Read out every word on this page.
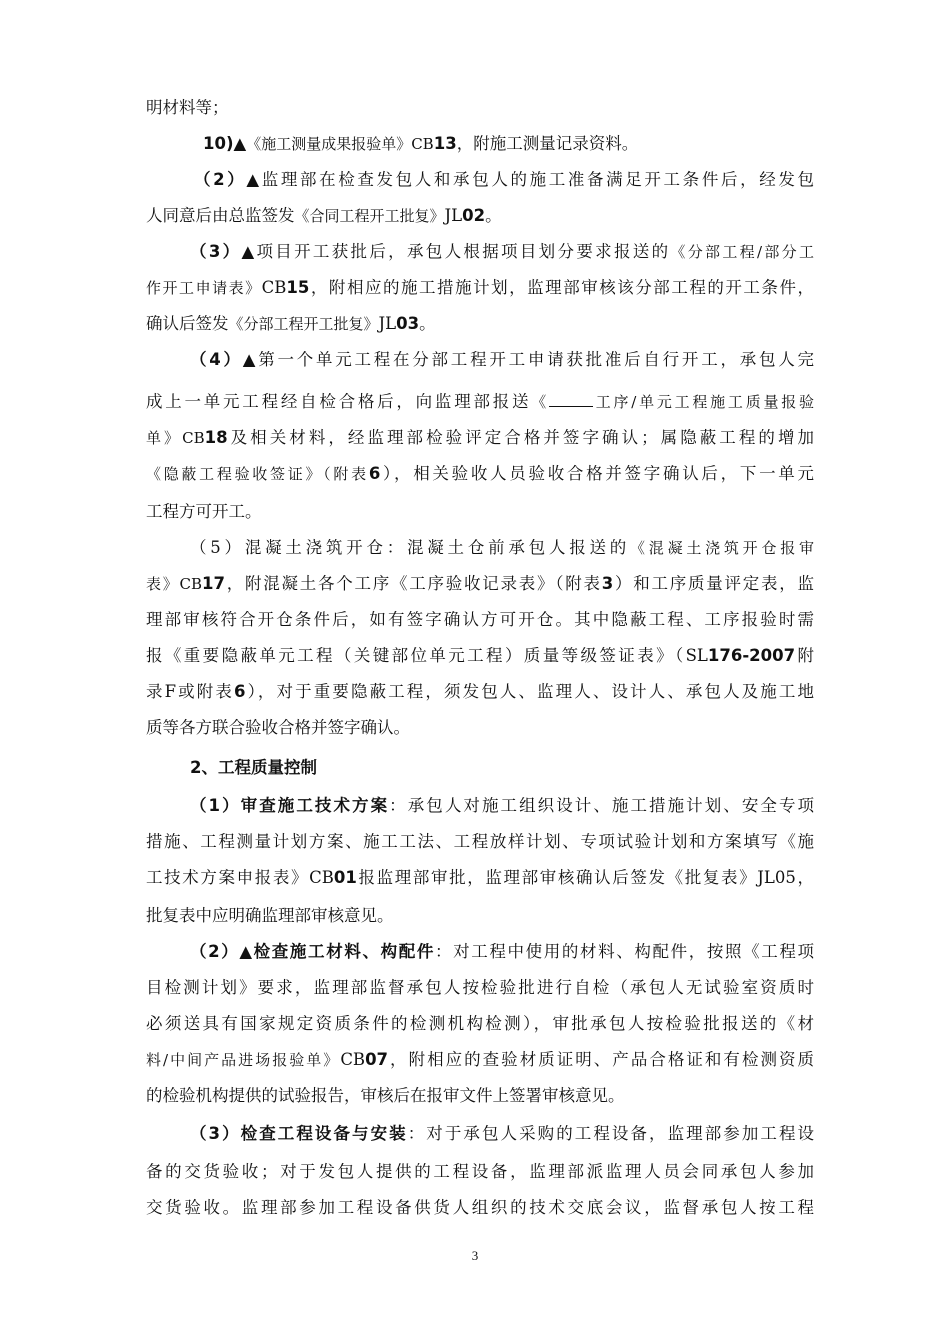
明材料等；
10)▲《施工测量成果报验单》CB13，附施工测量记录资料。
（2）▲监理部在检查发包人和承包人的施工准备满足开工条件后，经发包
人同意后由总监签发《合同工程开工批复》JL02。
（3）▲项目开工获批后，承包人根据项目划分要求报送的《分部工程/部分工
作开工申请表》CB15，附相应的施工措施计划，监理部审核该分部工程的开工条件，
确认后签发《分部工程开工批复》JL03。
（4）▲第一个单元工程在分部工程开工申请获批准后自行开工，承包人完
成上一单元工程经自检合格后，向监理部报送《	工序/单元工程施工质量报验
单》CB18及相关材料，经监理部检验评定合格并签字确认；属隐蔽工程的增加
《隐蔽工程验收签证》（附表6），相关验收人员验收合格并签字确认后，下一单元
工程方可开工。
（5）混凝土浇筑开仓：混凝土仓前承包人报送的《混凝土浇筑开仓报审
表》CB17，附混凝土各个工序《工序验收记录表》（附表3）和工序质量评定表，监
理部审核符合开仓条件后，如有签字确认方可开仓。其中隐蔽工程、工序报验时需
报《重要隐蔽单元工程（关键部位单元工程）质量等级签证表》（SL176-2007附
录F或附表6），对于重要隐蔽工程，须发包人、监理人、设计人、承包人及施工地
质等各方联合验收合格并签字确认。
2、工程质量控制
（1）审查施工技术方案：承包人对施工组织设计、施工措施计划、安全专项
措施、工程测量计划方案、施工工法、工程放样计划、专项试验计划和方案填写《施
工技术方案申报表》CB01报监理部审批，监理部审核确认后签发《批复表》JL05，
批复表中应明确监理部审核意见。
（2）▲检查施工材料、构配件：对工程中使用的材料、构配件，按照《工程项
目检测计划》要求，监理部监督承包人按检验批进行自检（承包人无试验室资质时
必须送具有国家规定资质条件的检测机构检测），审批承包人按检验批报送的《材
料/中间产品进场报验单》CB07，附相应的查验材质证明、产品合格证和有检测资质
的检验机构提供的试验报告，审核后在报审文件上签署审核意见。
（3）检查工程设备与安装：对于承包人采购的工程设备，监理部参加工程设
备的交货验收；对于发包人提供的工程设备，监理部派监理人员会同承包人参加
交货验收。监理部参加工程设备供货人组织的技术交底会议，监督承包人按工程
3
